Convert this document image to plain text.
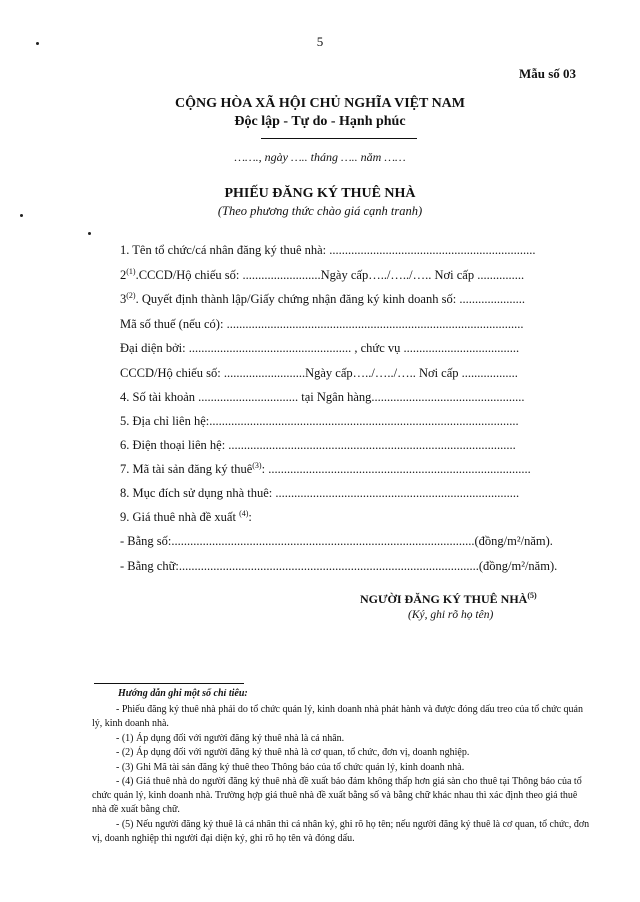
5
Mẫu số 03
CỘNG HÒA XÃ HỘI CHỦ NGHĨA VIỆT NAM
Độc lập - Tự do - Hạnh phúc
……., ngày ….. tháng ….. năm ……
PHIẾU ĐĂNG KÝ THUÊ NHÀ
(Theo phương thức chào giá cạnh tranh)
1. Tên tổ chức/cá nhân đăng ký thuê nhà: ..................................................................
2$^{(1)}$.CCCD/Hộ chiếu số: .........................Ngày cấp…../…../….. Nơi cấp ...............
3$^{(2)}$. Quyết định thành lập/Giấy chứng nhận đăng ký kinh doanh số: .....................
Mã số thuế (nếu có): ...............................................................................................
Đại diện bởi: .................................................... , chức vụ .....................................
CCCD/Hộ chiếu số: ..........................Ngày cấp…../…../….. Nơi cấp ..................
4. Số tài khoản ................................ tại Ngân hàng.................................................
5. Địa chỉ liên hệ:...................................................................................................
6. Điện thoại liên hệ: ............................................................................................
7. Mã tài sản đăng ký thuê$^{(3)}$: ....................................................................................
8. Mục đích sử dụng nhà thuê: ..............................................................................
9. Giá thuê nhà đề xuất $^{(4)}$:
- Bằng số:.................................................................................................(đồng/m²/năm).
- Bằng chữ:................................................................................................(đồng/m²/năm).
NGƯỜI ĐĂNG KÝ THUÊ NHÀ$^{(5)}$
(Ký, ghi rõ họ tên)
Hướng dẫn ghi một số chỉ tiêu:
- Phiếu đăng ký thuê nhà phải do tổ chức quản lý, kinh doanh nhà phát hành và được đóng dấu treo của tổ chức quản lý, kinh doanh nhà.
- (1) Áp dụng đối với người đăng ký thuê nhà là cá nhân.
- (2) Áp dụng đối với người đăng ký thuê nhà là cơ quan, tổ chức, đơn vị, doanh nghiệp.
- (3) Ghi Mã tài sản đăng ký thuê theo Thông báo của tổ chức quản lý, kinh doanh nhà.
- (4) Giá thuê nhà do người đăng ký thuê nhà đề xuất bảo đảm không thấp hơn giá sàn cho thuê tại Thông báo của tổ chức quản lý, kinh doanh nhà. Trường hợp giá thuê nhà đề xuất bằng số và bằng chữ khác nhau thì xác định theo giá thuê nhà đề xuất bằng chữ.
- (5) Nếu người đăng ký thuê là cá nhân thì cá nhân ký, ghi rõ họ tên; nếu người đăng ký thuê là cơ quan, tổ chức, đơn vị, doanh nghiệp thì người đại diện ký, ghi rõ họ tên và đóng dấu.
